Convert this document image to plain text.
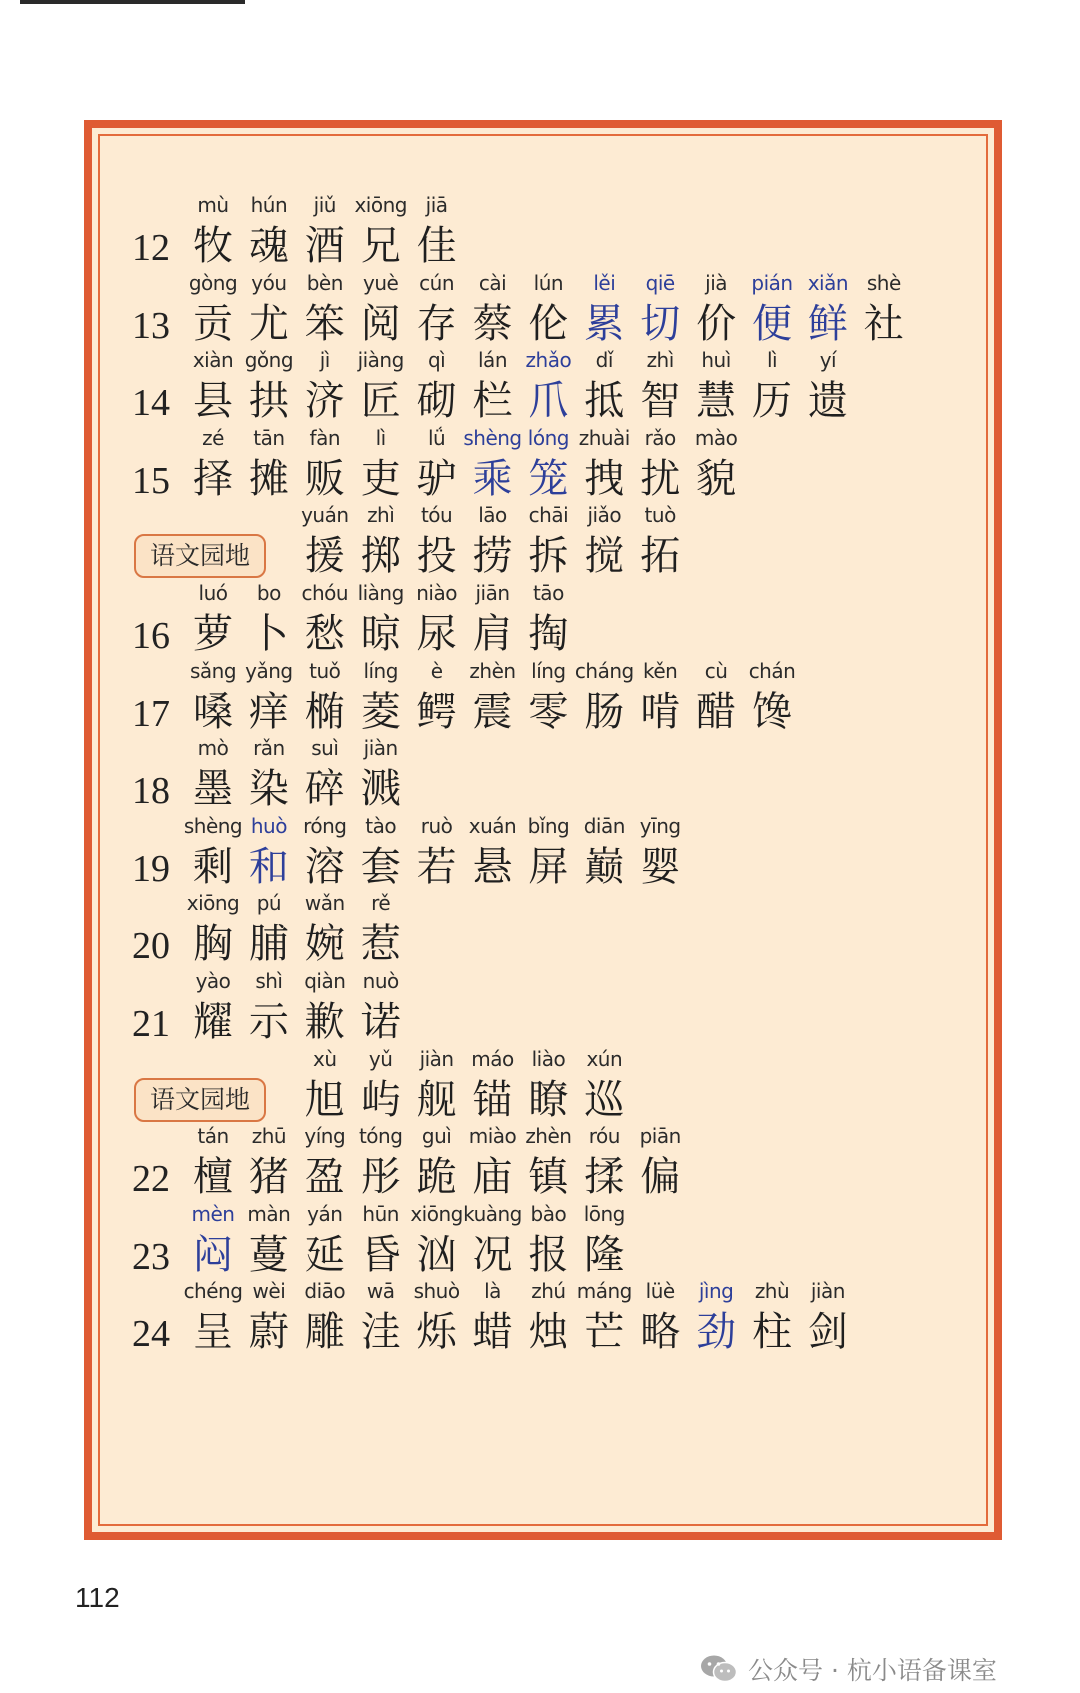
12
mù
牧
hún
魂
jiǔ
酒
xiōng
兄
jiā
佳
13
gòng
贡
yóu
尤
bèn
笨
yuè
阅
cún
存
cài
蔡
lún
伦
lěi
累
qiē
切
jià
价
pián
便
xiǎn
鲜
shè
社
14
xiàn
县
gǒng
拱
jì
济
jiàng
匠
qì
砌
lán
栏
zhǎo
爪
dǐ
抵
zhì
智
huì
慧
lì
历
yí
遗
15
zé
择
tān
摊
fàn
贩
lì
吏
lǘ
驴
shèng
乘
lóng
笼
zhuài
拽
rǎo
扰
mào
貌
语文园地
yuán
援
zhì
掷
tóu
投
lāo
捞
chāi
拆
jiǎo
搅
tuò
拓
16
luó
萝
bo
卜
chóu
愁
liàng
晾
niào
尿
jiān
肩
tāo
掏
17
sǎng
嗓
yǎng
痒
tuǒ
椭
líng
菱
è
鳄
zhèn
震
líng
零
cháng
肠
kěn
啃
cù
醋
chán
馋
18
mò
墨
rǎn
染
suì
碎
jiàn
溅
19
shèng
剩
huò
和
róng
溶
tào
套
ruò
若
xuán
悬
bǐng
屏
diān
巅
yīng
婴
20
xiōng
胸
pú
脯
wǎn
婉
rě
惹
21
yào
耀
shì
示
qiàn
歉
nuò
诺
语文园地
xù
旭
yǔ
屿
jiàn
舰
máo
锚
liào
瞭
xún
巡
22
tán
檀
zhū
猪
yíng
盈
tóng
彤
guì
跪
miào
庙
zhèn
镇
róu
揉
piān
偏
23
mèn
闷
màn
蔓
yán
延
hūn
昏
xiōng
汹
kuàng
况
bào
报
lōng
隆
24
chéng
呈
wèi
蔚
diāo
雕
wā
洼
shuò
烁
là
蜡
zhú
烛
máng
芒
lüè
略
jìng
劲
zhù
柱
jiàn
剑
112
公众号 · 杭小语备课室
